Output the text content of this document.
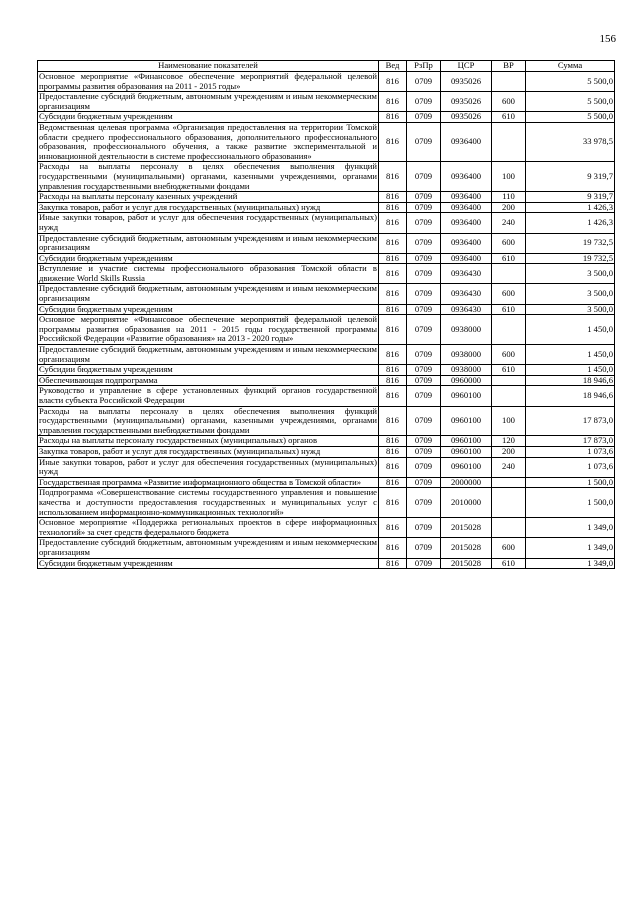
156
Наименование показателей	Вед	РзПр	ЦСР	ВР	Сумма
Основное мероприятие «Финансовое обеспечение мероприятий федеральной целевой программы развития образования на 2011 - 2015 годы»	816	0709	0935026		5 500,0
Предоставление субсидий бюджетным, автономным учреждениям и иным некоммерческим организациям	816	0709	0935026	600	5 500,0
Субсидии бюджетным учреждениям	816	0709	0935026	610	5 500,0
Ведомственная целевая программа «Организация предоставления на территории Томской области среднего профессионального образования, дополнительного профессионального образования, профессионального обучения, а также развитие экспериментальной и инновационной деятельности в системе профессионального образования»	816	0709	0936400		33 978,5
Расходы на выплаты персоналу в целях обеспечения выполнения функций государственными (муниципальными) органами, казенными учреждениями, органами управления государственными внебюджетными фондами	816	0709	0936400	100	9 319,7
Расходы на выплаты персоналу казенных учреждений	816	0709	0936400	110	9 319,7
Закупка товаров, работ и услуг для государственных (муниципальных) нужд	816	0709	0936400	200	1 426,3
Иные закупки товаров, работ и услуг для обеспечения государственных (муниципальных) нужд	816	0709	0936400	240	1 426,3
Предоставление субсидий бюджетным, автономным учреждениям и иным некоммерческим организациям	816	0709	0936400	600	19 732,5
Субсидии бюджетным учреждениям	816	0709	0936400	610	19 732,5
Вступление и участие системы профессионального образования Томской области в движение World Skills Russia	816	0709	0936430		3 500,0
Предоставление субсидий бюджетным, автономным учреждениям и иным некоммерческим организациям	816	0709	0936430	600	3 500,0
Субсидии бюджетным учреждениям	816	0709	0936430	610	3 500,0
Основное мероприятие «Финансовое обеспечение мероприятий федеральной целевой программы развития образования на 2011 - 2015 годы государственной программы Российской Федерации «Развитие образования» на 2013 - 2020 годы»	816	0709	0938000		1 450,0
Предоставление субсидий бюджетным, автономным учреждениям и иным некоммерческим организациям	816	0709	0938000	600	1 450,0
Субсидии бюджетным учреждениям	816	0709	0938000	610	1 450,0
Обеспечивающая подпрограмма	816	0709	0960000		18 946,6
Руководство и управление в сфере установленных функций органов государственной власти субъекта Российской Федерации	816	0709	0960100		18 946,6
Расходы на выплаты персоналу в целях обеспечения выполнения функций государственными (муниципальными) органами, казенными учреждениями, органами управления государственными внебюджетными фондами	816	0709	0960100	100	17 873,0
Расходы на выплаты персоналу государственных (муниципальных) органов	816	0709	0960100	120	17 873,0
Закупка товаров, работ и услуг для государственных (муниципальных) нужд	816	0709	0960100	200	1 073,6
Иные закупки товаров, работ и услуг для обеспечения государственных (муниципальных) нужд	816	0709	0960100	240	1 073,6
Государственная программа «Развитие информационного общества в Томской области»	816	0709	2000000		1 500,0
Подпрограмма «Совершенствование системы государственного управления и повышение качества и доступности предоставления государственных и муниципальных услуг с использованием информационно-коммуникационных технологий»	816	0709	2010000		1 500,0
Основное мероприятие «Поддержка региональных проектов в сфере информационных технологий» за счет средств федерального бюджета	816	0709	2015028		1 349,0
Предоставление субсидий бюджетным, автономным учреждениям и иным некоммерческим организациям	816	0709	2015028	600	1 349,0
Субсидии бюджетным учреждениям	816	0709	2015028	610	1 349,0
